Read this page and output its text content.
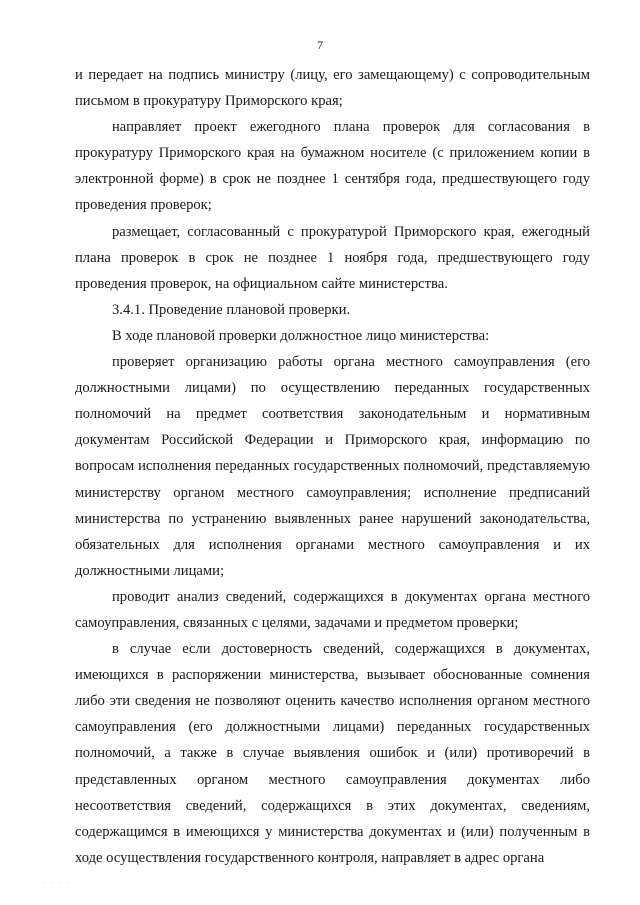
7

и передает на подпись министру (лицу, его замещающему) с сопроводительным письмом в прокуратуру Приморского края;

направляет проект ежегодного плана проверок для согласования в прокуратуру Приморского края на бумажном носителе (с приложением копии в электронной форме) в срок не позднее 1 сентября года, предшествующего году проведения проверок;

размещает, согласованный с прокуратурой Приморского края, ежегодный плана проверок в срок не позднее 1 ноября года, предшествующего году проведения проверок, на официальном сайте министерства.

3.4.1. Проведение плановой проверки.

В ходе плановой проверки должностное лицо министерства:

проверяет организацию работы органа местного самоуправления (его должностными лицами) по осуществлению переданных государственных полномочий на предмет соответствия законодательным и нормативным документам Российской Федерации и Приморского края, информацию по вопросам исполнения переданных государственных полномочий, представляемую министерству органом местного самоуправления; исполнение предписаний министерства по устранению выявленных ранее нарушений законодательства, обязательных для исполнения органами местного самоуправления и их должностными лицами;

проводит анализ сведений, содержащихся в документах органа местного самоуправления, связанных с целями, задачами и предметом проверки;

в случае если достоверность сведений, содержащихся в документах, имеющихся в распоряжении министерства, вызывает обоснованные сомнения либо эти сведения не позволяют оценить качество исполнения органом местного самоуправления (его должностными лицами) переданных государственных полномочий, а также в случае выявления ошибок и (или) противоречий в представленных органом местного самоуправления документах либо несоответствия сведений, содержащихся в этих документах, сведениям, содержащимся в имеющихся у министерства документах и (или) полученным в ходе осуществления государственного контроля, направляет в адрес органа

. . . .
